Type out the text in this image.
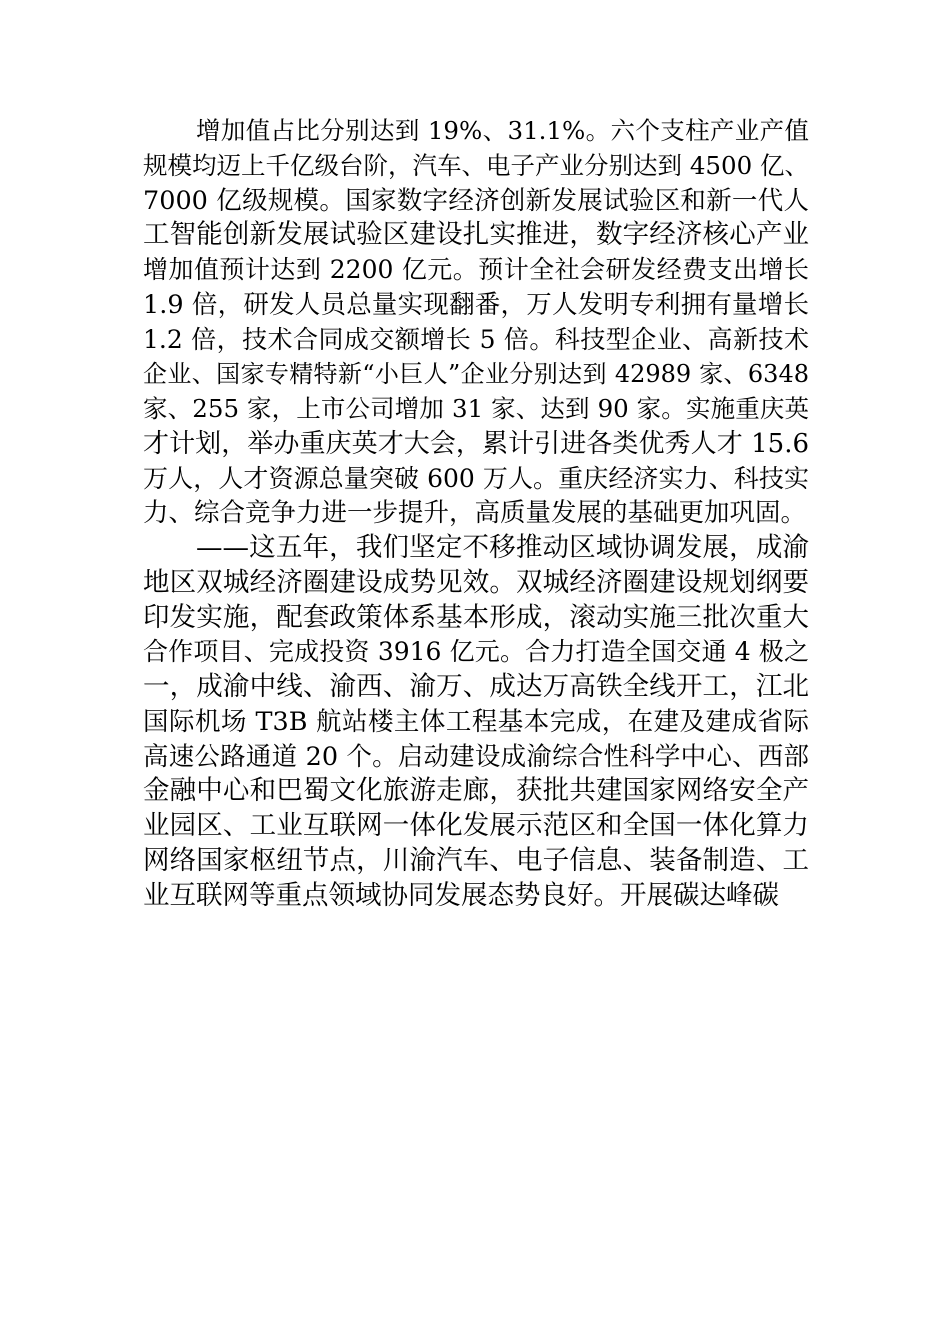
增加值占比分别达到 19%、31.1%。六个支柱产业产值
规模均迈上千亿级台阶，汽车、电子产业分别达到 4500 亿、
7000 亿级规模。国家数字经济创新发展试验区和新一代人
工智能创新发展试验区建设扎实推进，数字经济核心产业
增加值预计达到 2200 亿元。预计全社会研发经费支出增长
1.9 倍，研发人员总量实现翻番，万人发明专利拥有量增长
1.2 倍，技术合同成交额增长 5 倍。科技型企业、高新技术
企业、国家专精特新“小巨人”企业分别达到 42989 家、6348
家、255 家，上市公司增加 31 家、达到 90 家。实施重庆英
才计划，举办重庆英才大会，累计引进各类优秀人才 15.6
万人，人才资源总量突破 600 万人。重庆经济实力、科技实
力、综合竞争力进一步提升，高质量发展的基础更加巩固。
——这五年，我们坚定不移推动区域协调发展，成渝
地区双城经济圈建设成势见效。双城经济圈建设规划纲要
印发实施，配套政策体系基本形成，滚动实施三批次重大
合作项目、完成投资 3916 亿元。合力打造全国交通 4 极之
一，成渝中线、渝西、渝万、成达万高铁全线开工，江北
国际机场 T3B 航站楼主体工程基本完成，在建及建成省际
高速公路通道 20 个。启动建设成渝综合性科学中心、西部
金融中心和巴蜀文化旅游走廊，获批共建国家网络安全产
业园区、工业互联网一体化发展示范区和全国一体化算力
网络国家枢纽节点，川渝汽车、电子信息、装备制造、工
业互联网等重点领域协同发展态势良好。开展碳达峰碳
